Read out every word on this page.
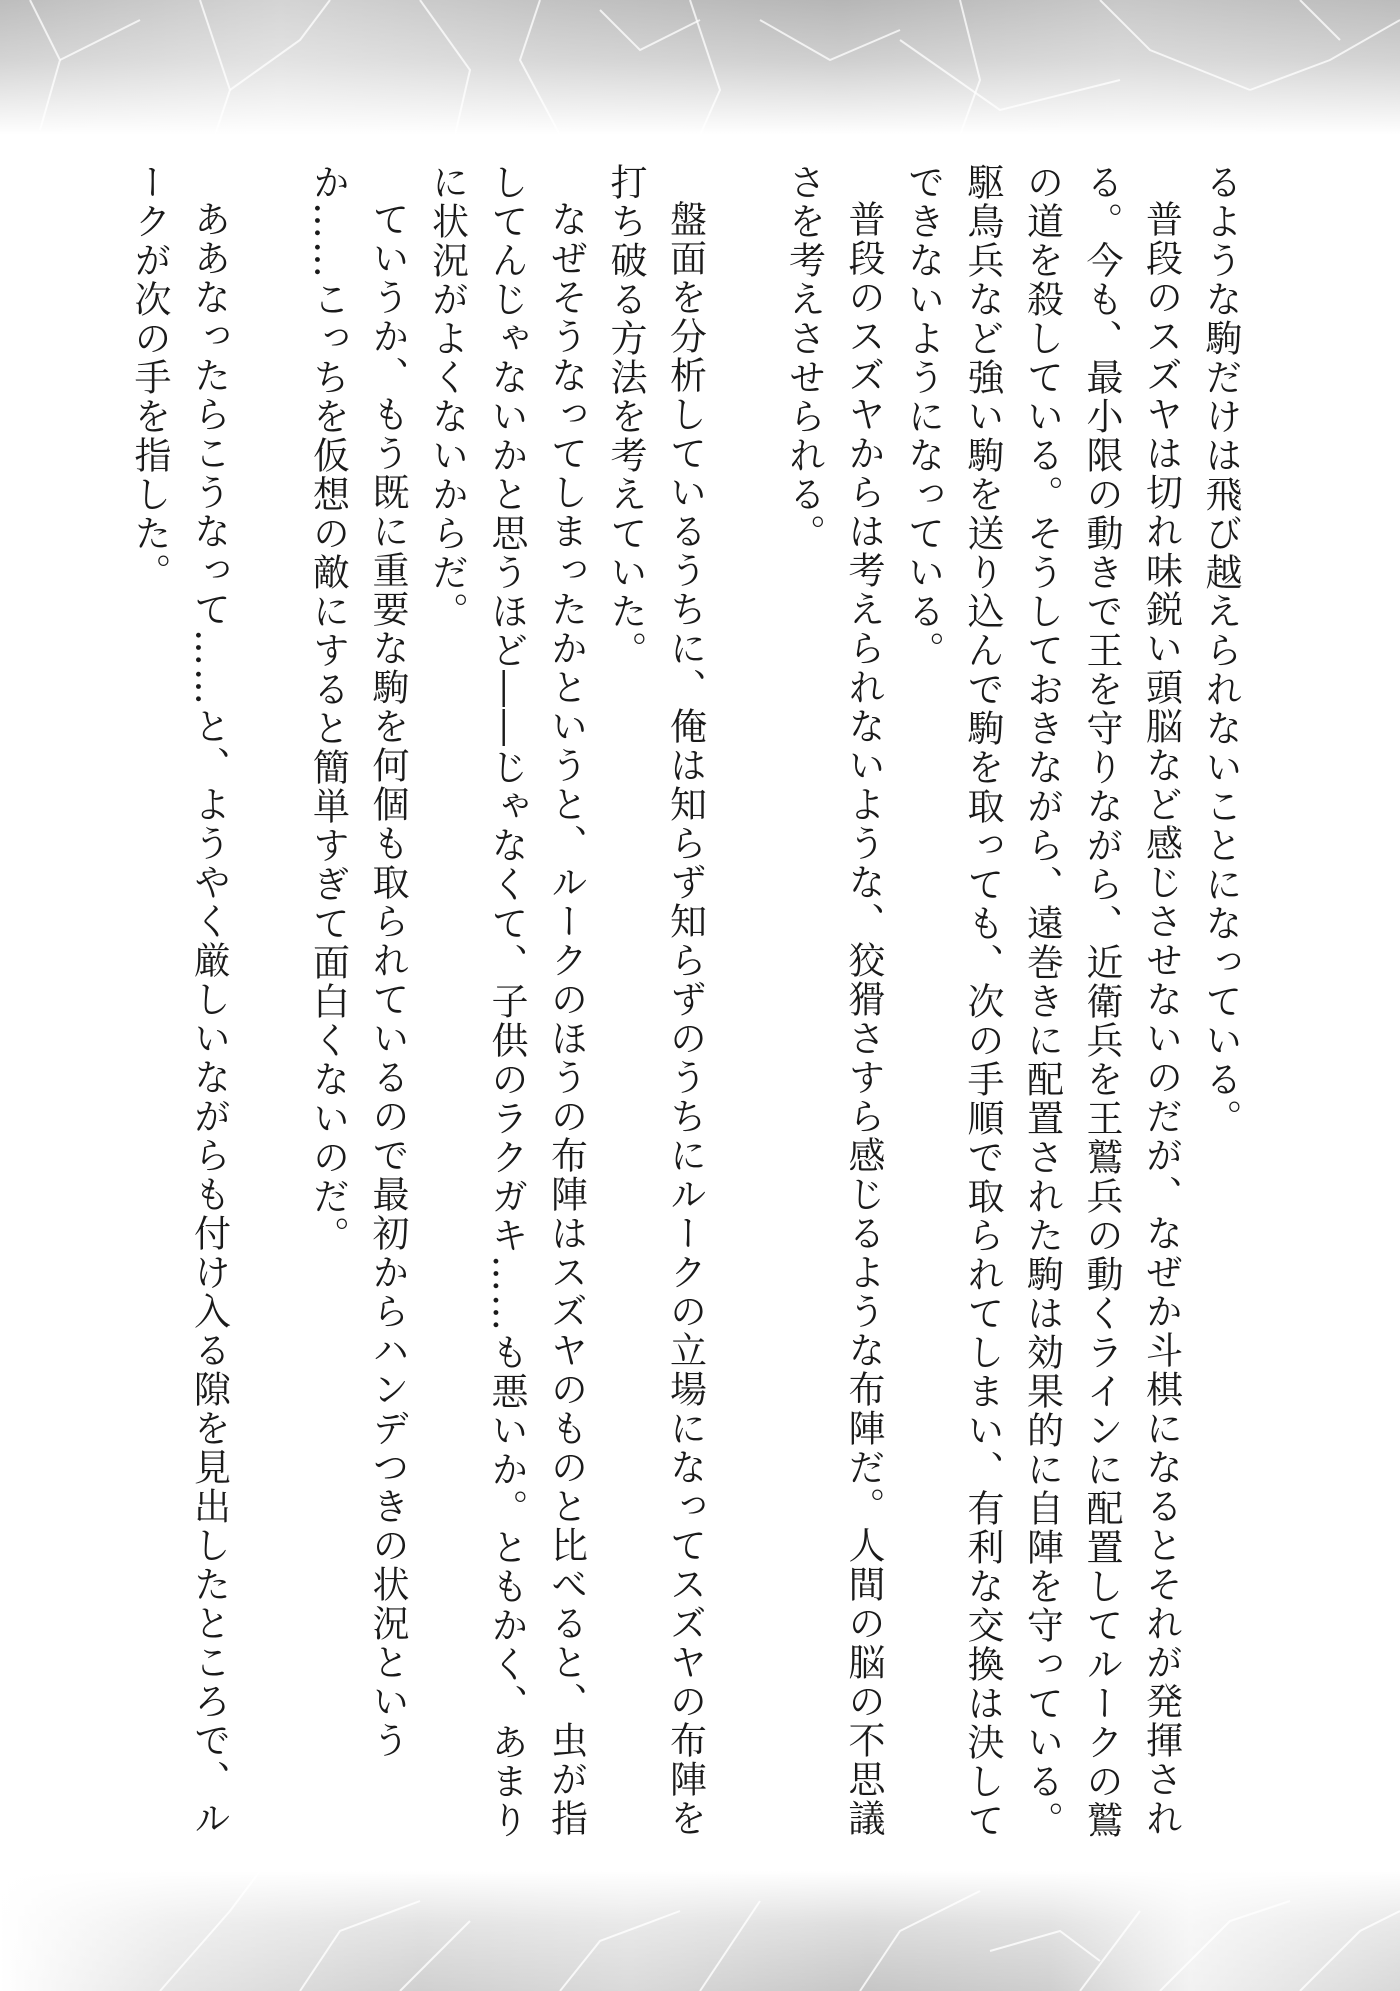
るような駒だけは飛び越えられないことになっている。

普段のスズヤは切れ味鋭い頭脳など感じさせないのだが、なぜか斗棋になるとそれが発揮される。今も、最小限の動きで王を守りながら、近衛兵を王鷲兵の動くラインに配置してルークの鷲の道を殺している。そうしておきながら、遠巻きに配置された駒は効果的に自陣を守っている。駆鳥兵など強い駒を送り込んで駒を取っても、次の手順で取られてしまい、有利な交換は決してできないようになっている。

普段のスズヤからは考えられないような、狡猾さすら感じるような布陣だ。人間の脳の不思議さを考えさせられる。

盤面を分析しているうちに、俺は知らず知らずのうちにルークの立場になってスズヤの布陣を打ち破る方法を考えていた。

なぜそうなってしまったかというと、ルークのほうの布陣はスズヤのものと比べると、虫が指してんじゃないかと思うほど――じゃなくて、子供のラクガキ……も悪いか。ともかく、あまりに状況がよくないからだ。

ていうか、もう既に重要な駒を何個も取られているので最初からハンデつきの状況というか……こっちを仮想の敵にすると簡単すぎて面白くないのだ。

ああなったらこうなって……と、ようやく厳しいながらも付け入る隙を見出したところで、ルークが次の手を指した。
